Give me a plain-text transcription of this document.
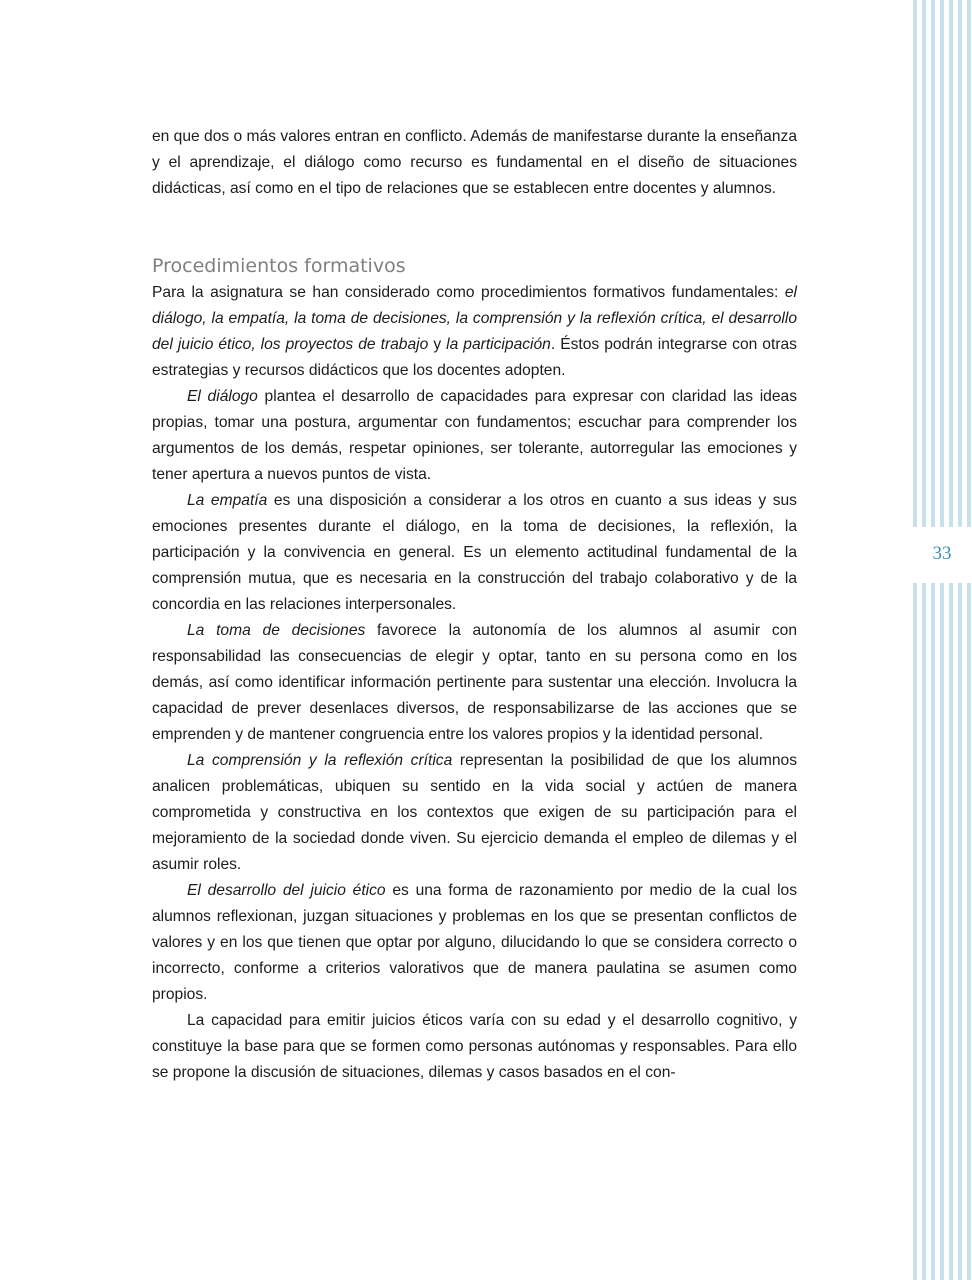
33

en que dos o más valores entran en conflicto. Además de manifestarse durante la enseñanza y el aprendizaje, el diálogo como recurso es fundamental en el diseño de situaciones didácticas, así como en el tipo de relaciones que se establecen entre docentes y alumnos.

Procedimientos formativos

Para la asignatura se han considerado como procedimientos formativos fundamentales: el diálogo, la empatía, la toma de decisiones, la comprensión y la reflexión crítica, el desarrollo del juicio ético, los proyectos de trabajo y la participación. Éstos podrán integrarse con otras estrategias y recursos didácticos que los docentes adopten.

El diálogo plantea el desarrollo de capacidades para expresar con claridad las ideas propias, tomar una postura, argumentar con fundamentos; escuchar para comprender los argumentos de los demás, respetar opiniones, ser tolerante, autorregular las emociones y tener apertura a nuevos puntos de vista.

La empatía es una disposición a considerar a los otros en cuanto a sus ideas y sus emociones presentes durante el diálogo, en la toma de decisiones, la reflexión, la participación y la convivencia en general. Es un elemento actitudinal fundamental de la comprensión mutua, que es necesaria en la construcción del trabajo colaborativo y de la concordia en las relaciones interpersonales.

La toma de decisiones favorece la autonomía de los alumnos al asumir con responsabilidad las consecuencias de elegir y optar, tanto en su persona como en los demás, así como identificar información pertinente para sustentar una elección. Involucra la capacidad de prever desenlaces diversos, de responsabilizarse de las acciones que se emprenden y de mantener congruencia entre los valores propios y la identidad personal.

La comprensión y la reflexión crítica representan la posibilidad de que los alumnos analicen problemáticas, ubiquen su sentido en la vida social y actúen de manera comprometida y constructiva en los contextos que exigen de su participación para el mejoramiento de la sociedad donde viven. Su ejercicio demanda el empleo de dilemas y el asumir roles.

El desarrollo del juicio ético es una forma de razonamiento por medio de la cual los alumnos reflexionan, juzgan situaciones y problemas en los que se presentan conflictos de valores y en los que tienen que optar por alguno, dilucidando lo que se considera correcto o incorrecto, conforme a criterios valorativos que de manera paulatina se asumen como propios.

La capacidad para emitir juicios éticos varía con su edad y el desarrollo cognitivo, y constituye la base para que se formen como personas autónomas y responsables. Para ello se propone la discusión de situaciones, dilemas y casos basados en el con-
